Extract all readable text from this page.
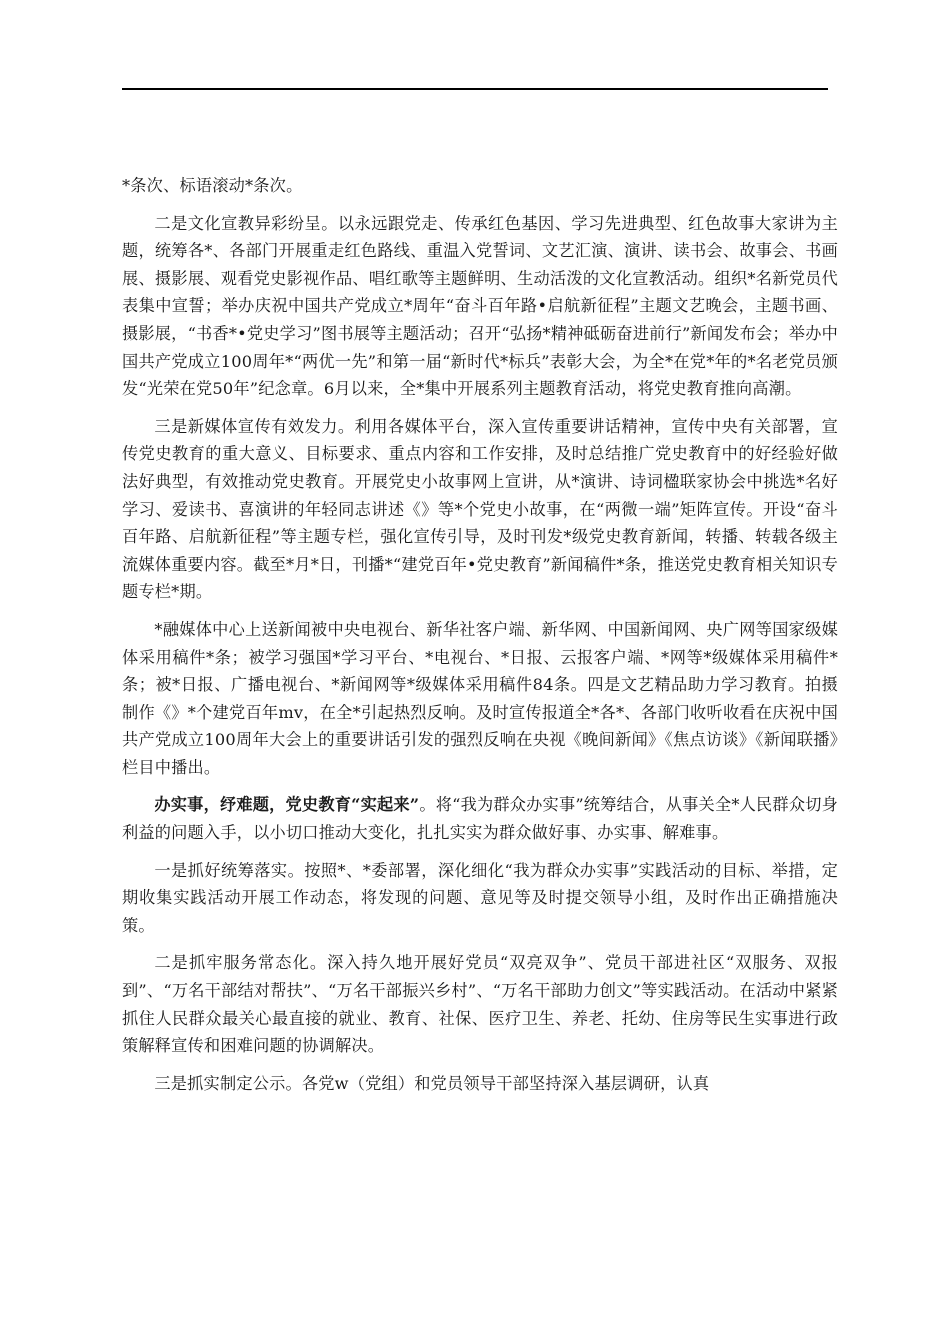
*条次、标语滚动*条次。

二是文化宣教异彩纷呈。以永远跟党走、传承红色基因、学习先进典型、红色故事大家讲为主题，统筹各*、各部门开展重走红色路线、重温入党誓词、文艺汇演、演讲、读书会、故事会、书画展、摄影展、观看党史影视作品、唱红歌等主题鲜明、生动活泼的文化宣教活动。组织*名新党员代表集中宣誓；举办庆祝中国共产党成立*周年“奋斗百年路•启航新征程”主题文艺晚会，主题书画、摄影展，“书香*•党史学习”图书展等主题活动；召开“弘扬*精神砥砺奋进前行”新闻发布会；举办中国共产党成立100周年*“两优一先”和第一届“新时代*标兵”表彰大会，为全*在党*年的*名老党员颁发“光荣在党50年”纪念章。6月以来，全*集中开展系列主题教育活动，将党史教育推向高潮。

三是新媒体宣传有效发力。利用各媒体平台，深入宣传重要讲话精神，宣传中央有关部署，宣传党史教育的重大意义、目标要求、重点内容和工作安排，及时总结推广党史教育中的好经验好做法好典型，有效推动党史教育。开展党史小故事网上宣讲，从*演讲、诗词楹联家协会中挑选*名好学习、爱读书、喜演讲的年轻同志讲述《》等*个党史小故事，在“两微一端”矩阵宣传。开设“奋斗百年路、启航新征程”等主题专栏，强化宣传引导，及时刊发*级党史教育新闻，转播、转载各级主流媒体重要内容。截至*月*日，刊播*“建党百年•党史教育”新闻稿件*条，推送党史教育相关知识专题专栏*期。

*融媒体中心上送新闻被中央电视台、新华社客户端、新华网、中国新闻网、央广网等国家级媒体采用稿件*条；被学习强国*学习平台、*电视台、*日报、云报客户端、*网等*级媒体采用稿件*条；被*日报、广播电视台、*新闻网等*级媒体采用稿件84条。四是文艺精品助力学习教育。拍摄制作《》*个建党百年mv，在全*引起热烈反响。及时宣传报道全*各*、各部门收听收看在庆祝中国共产党成立100周年大会上的重要讲话引发的强烈反响在央视《晚间新闻》《焦点访谈》《新闻联播》栏目中播出。

办实事，纾难题，党史教育“实起来”。将“我为群众办实事”统筹结合，从事关全*人民群众切身利益的问题入手，以小切口推动大变化，扎扎实实为群众做好事、办实事、解难事。

一是抓好统筹落实。按照*、*委部署，深化细化“我为群众办实事”实践活动的目标、举措，定期收集实践活动开展工作动态，将发现的问题、意见等及时提交领导小组，及时作出正确措施决策。

二是抓牢服务常态化。深入持久地开展好党员“双亮双争”、党员干部进社区“双服务、双报到”、“万名干部结对帮扶”、“万名干部振兴乡村”、“万名干部助力创文”等实践活动。在活动中紧紧抓住人民群众最关心最直接的就业、教育、社保、医疗卫生、养老、托幼、住房等民生实事进行政策解释宣传和困难问题的协调解决。

三是抓实制定公示。各党w（党组）和党员领导干部坚持深入基层调研，认真
